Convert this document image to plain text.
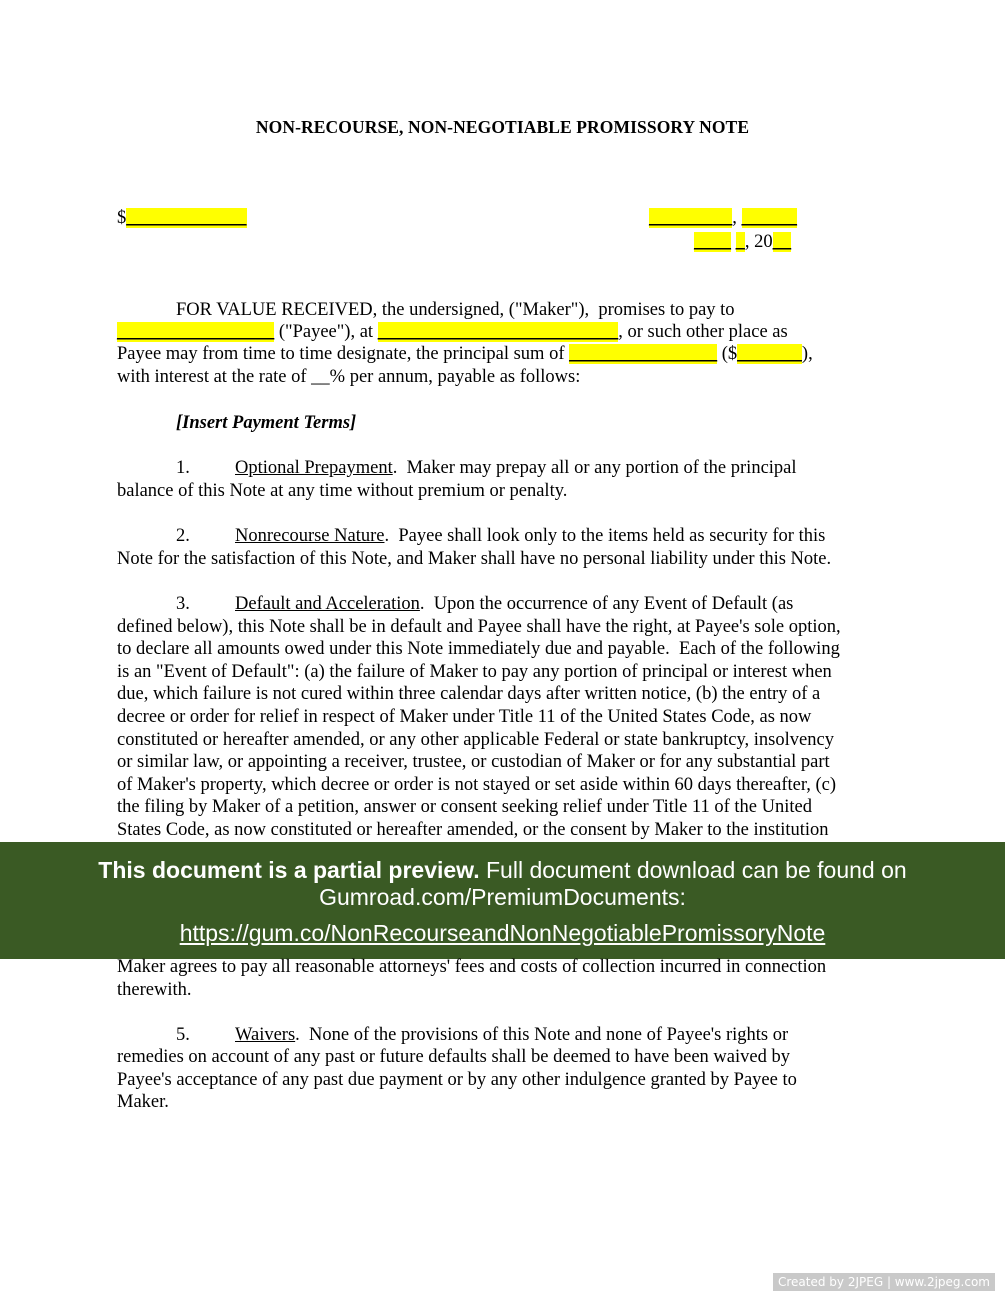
NON-RECOURSE, NON-NEGOTIABLE PROMISSORY NOTE
$_____________	_________, ______
____ _, 20__
FOR VALUE RECEIVED, the undersigned, ("Maker"),  promises to pay to
_________________ ("Payee"), at __________________________, or such other place as
Payee may from time to time designate, the principal sum of ________________ ($_______),
with interest at the rate of __% per annum, payable as follows:
[Insert Payment Terms]
1. Optional Prepayment.  Maker may prepay all or any portion of the principal
balance of this Note at any time without premium or penalty.
2. Nonrecourse Nature.  Payee shall look only to the items held as security for this
Note for the satisfaction of this Note, and Maker shall have no personal liability under this Note.
3. Default and Acceleration.  Upon the occurrence of any Event of Default (as
defined below), this Note shall be in default and Payee shall have the right, at Payee's sole option,
to declare all amounts owed under this Note immediately due and payable.  Each of the following
is an "Event of Default": (a) the failure of Maker to pay any portion of principal or interest when
due, which failure is not cured within three calendar days after written notice, (b) the entry of a
decree or order for relief in respect of Maker under Title 11 of the United States Code, as now
constituted or hereafter amended, or any other applicable Federal or state bankruptcy, insolvency
or similar law, or appointing a receiver, trustee, or custodian of Maker or for any substantial part
of Maker's property, which decree or order is not stayed or set aside within 60 days thereafter, (c)
the filing by Maker of a petition, answer or consent seeking relief under Title 11 of the United
States Code, as now constituted or hereafter amended, or the consent by Maker to the institution
This document is a partial preview. Full document download can be found on
Gumroad.com/PremiumDocuments:
https://gum.co/NonRecourseandNonNegotiablePromissoryNote
Maker agrees to pay all reasonable attorneys' fees and costs of collection incurred in connection
therewith.
5. Waivers.  None of the provisions of this Note and none of Payee's rights or
remedies on account of any past or future defaults shall be deemed to have been waived by
Payee's acceptance of any past due payment or by any other indulgence granted by Payee to
Maker.
Created by 2JPEG | www.2jpeg.com
